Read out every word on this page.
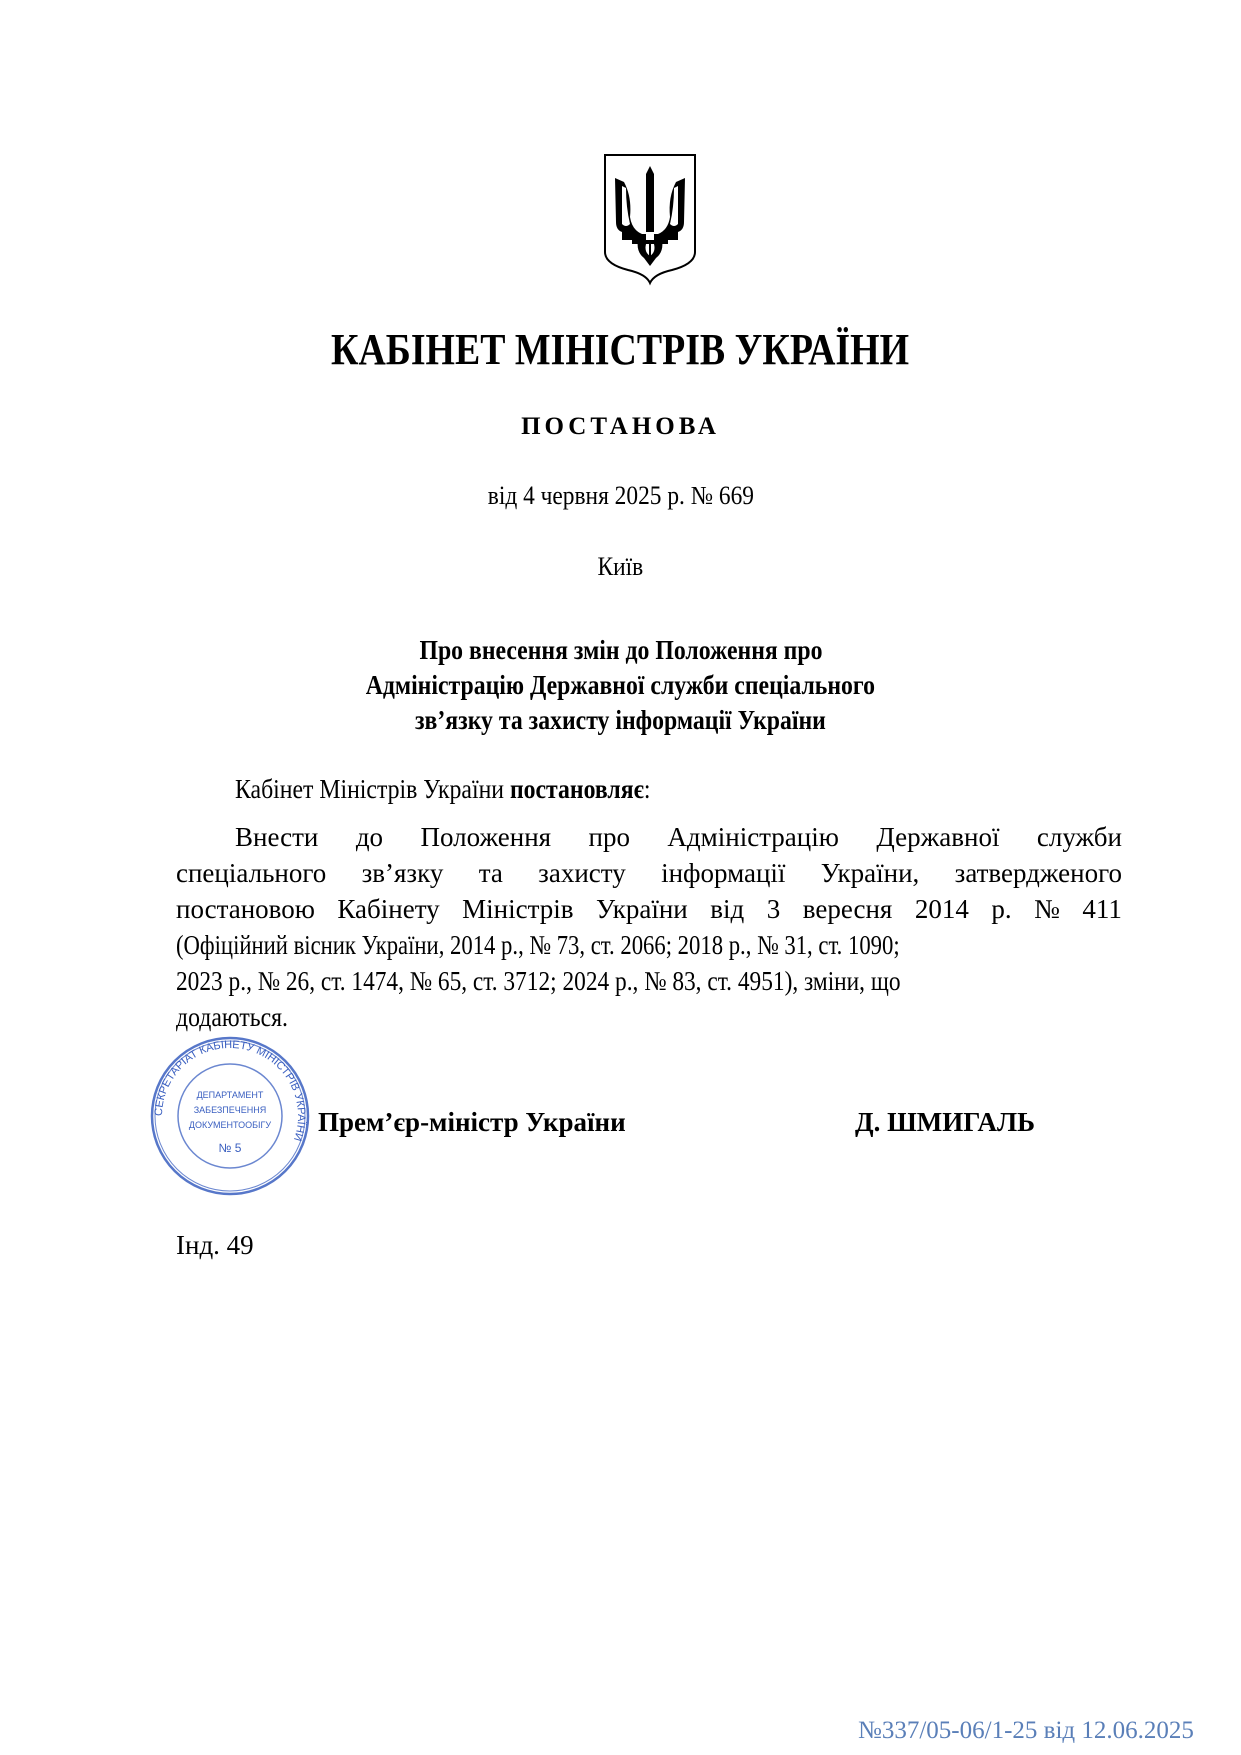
КАБІНЕТ МІНІСТРІВ УКРАЇНИ
ПОСТАНОВА
від 4 червня 2025 р. № 669
Київ
Про внесення змін до Положення про
Адміністрацію Державної служби спеціального
зв’язку та захисту інформації України
Кабінет Міністрів України постановляє:
Внести до Положення про Адміністрацію Державної служби
спеціального зв’язку та захисту інформації України, затвердженого
постановою Кабінету Міністрів України від 3 вересня 2014 р. № 411
(Офіційний вісник України, 2014 р., № 73, ст. 2066; 2018 р., № 31, ст. 1090;
2023 р., № 26, ст. 1474, № 65, ст. 3712; 2024 р., № 83, ст. 4951), зміни, що
додаються.
СЕКРЕТАРІАТ КАБІНЕТУ МІНІСТРІВ УКРАЇНИ
ДЕПАРТАМЕНТ
ЗАБЕЗПЕЧЕННЯ
ДОКУМЕНТООБІГУ
№ 5
Прем’єр-міністр України	Д. ШМИГАЛЬ
Інд. 49
№337/05-06/1-25 від 12.06.2025
